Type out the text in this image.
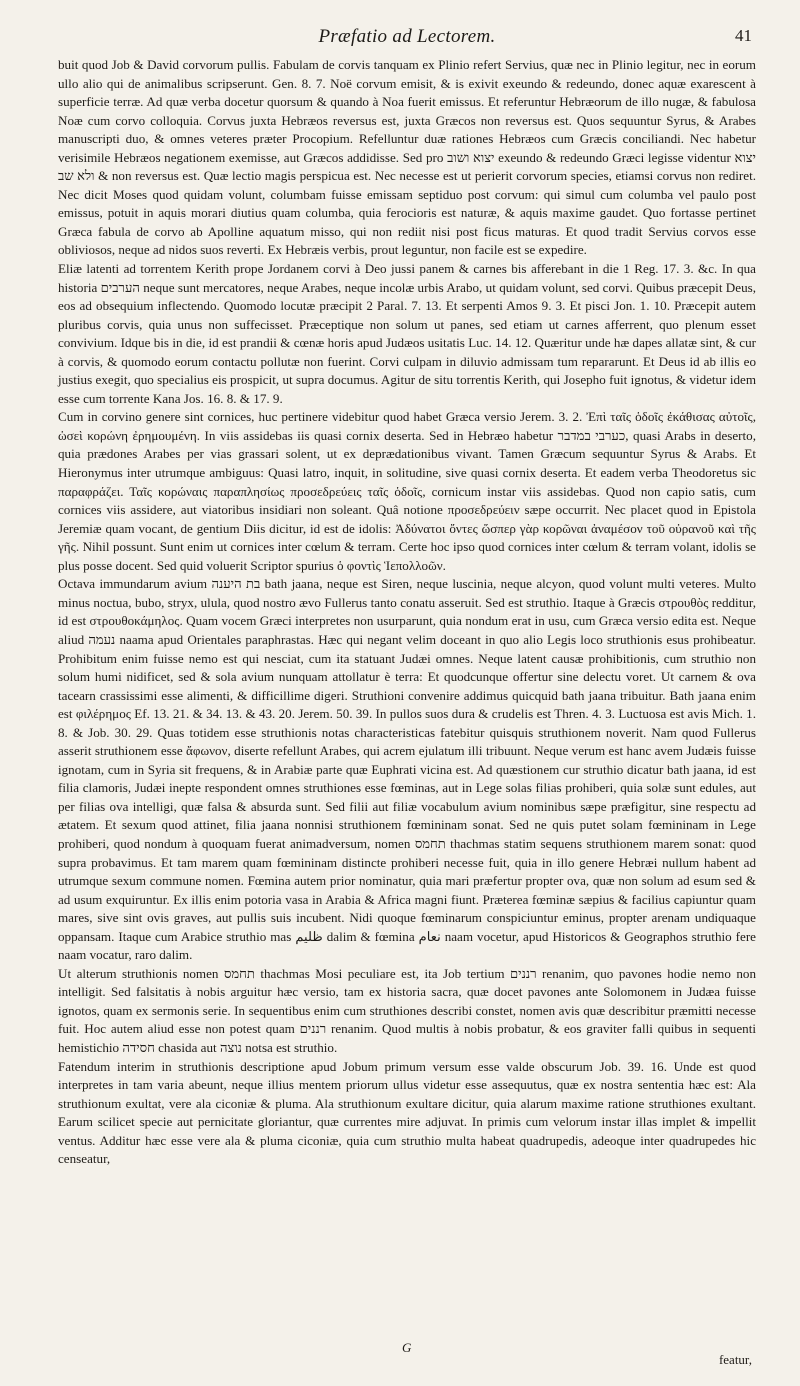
Præfatio ad Lectorem.	41

buit quod Job & David corvorum pullis. Fabulam de corvis tanquam ex Plinio refert Servius, quæ nec in Plinio legitur, nec in eorum ullo alio qui de animalibus scripserunt. Gen. 8. 7. Noë corvum emisit, & is exivit exeundo & redeundo, donec aquæ exarescent à superficie terræ. Ad quæ verba docetur quorsum & quando à Noa fuerit emissus. Et referuntur Hebræorum de illo nugæ, & fabulosa Noæ cum corvo colloquia. Corvus juxta Hebræos reversus est, juxta Græcos non reversus est. Quos sequuntur Syrus, & Arabes manuscripti duo, & omnes veteres præter Procopium. Refelluntur duæ rationes Hebræos cum Græcis conciliandi. Nec habetur verisimile Hebræos negationem exemisse, aut Græcos addidisse. Sed pro יצוא ושוב exeundo & redeundo Græci legisse videntur יצוא ולא שב & non reversus est. Quæ lectio magis perspicua est. Nec necesse est ut perierit corvorum species, etiamsi corvus non rediret. Nec dicit Moses quod quidam volunt, columbam fuisse emissam septiduo post corvum: qui simul cum columba vel paulo post emissus, potuit in aquis morari diutius quam columba, quia ferocioris est naturæ, & aquis maxime gaudet. Quo fortasse pertinet Græca fabula de corvo ab Apolline aquatum misso, qui non rediit nisi post ficus maturas. Et quod tradit Servius corvos esse obliviosos, neque ad nidos suos reverti. Ex Hebræis verbis, prout leguntur, non facile est se expedire.

Eliæ latenti ad torrentem Kerith prope Jordanem corvi à Deo jussi panem & carnes bis afferebant in die 1 Reg. 17. 3. &c. In qua historia הערבים neque sunt mercatores, neque Arabes, neque incolæ urbis Arabo, ut quidam volunt, sed corvi. Quibus præcepit Deus, eos ad obsequium inflectendo. Quomodo locutæ præcipit 2 Paral. 7. 13. Et serpenti Amos 9. 3. Et pisci Jon. 1. 10. Præcepit autem pluribus corvis, quia unus non suffecisset. Præceptique non solum ut panes, sed etiam ut carnes afferrent, quo plenum esset convivium. Idque bis in die, id est prandii & cœnæ horis apud Judæos usitatis Luc. 14. 12. Quæritur unde hæ dapes allatæ sint, & cur à corvis, & quomodo eorum contactu pollutæ non fuerint. Corvi culpam in diluvio admissam tum repararunt. Et Deus id ab illis eo justius exegit, quo specialius eis prospicit, ut supra documus. Agitur de situ torrentis Kerith, qui Josepho fuit ignotus, & videtur idem esse cum torrente Kana Jos. 16. 8. & 17. 9.

Cum in corvino genere sint cornices, huc pertinere videbitur quod habet Græca versio Jerem. 3. 2. Ἐπὶ ταῖς ὁδοῖς ἐκάθισας αὐτοῖς, ὡσεὶ κορώνη ἐρημουμένη. In viis assidebas iis quasi cornix deserta. Sed in Hebræo habetur כערבי במדבר, quasi Arabs in deserto, quia prædones Arabes per vias grassari solent, ut ex deprædationibus vivant. Tamen Græcum sequuntur Syrus & Arabs. Et Hieronymus inter utrumque ambiguus: Quasi latro, inquit, in solitudine, sive quasi cornix deserta. Et eadem verba Theodoretus sic παραφράζει. Ταῖς κορώναις παραπλησίως προσεδρεύεις ταῖς ὁδοῖς, cornicum instar viis assidebas. Quod non capio satis, cum cornices viis assidere, aut viatoribus insidiari non soleant. Quâ notione προσεδρεύειν sæpe occurrit. Nec placet quod in Epistola Jeremiæ quam vocant, de gentium Diis dicitur, id est de idolis: Ἀδύνατοι ὄντες ὥσπερ γὰρ κορῶναι ἀναμέσον τοῦ οὐρανοῦ καὶ τῆς γῆς. Nihil possunt. Sunt enim ut cornices inter cœlum & terram. Certe hoc ipso quod cornices inter cœlum & terram volant, idolis se plus posse docent. Sed quid voluerit Scriptor spurius ὁ φοντὶς Ἱεπολλοῶν.

Octava immundarum avium בת היענה bath jaana, neque est Siren, neque luscinia, neque alcyon, quod volunt multi veteres. Multo minus noctua, bubo, stryx, ulula, quod nostro ævo Fullerus tanto conatu asseruit. Sed est struthio. Itaque à Græcis στρουθὸς redditur, id est στρουθοκάμηλος. Quam vocem Græci interpretes non usurparunt, quia nondum erat in usu, cum Græca versio edita est. Neque aliud נעמה naama apud Orientales paraphrastas. Hæc qui negant velim doceant in quo alio Legis loco struthionis esus prohibeatur. Prohibitum enim fuisse nemo est qui nesciat, cum ita statuant Judæi omnes. Neque latent causæ prohibitionis, cum struthio non solum humi nidificet, sed & sola avium nunquam attollatur è terra: Et quodcunque offertur sine delectu voret. Ut carnem & ova tacearn crassissimi esse alimenti, & difficillime digeri. Struthioni convenire addimus quicquid bath jaana tribuitur. Bath jaana enim est φιλέρημος Ef. 13. 21. & 34. 13. & 43. 20. Jerem. 50. 39. In pullos suos dura & crudelis est Thren. 4. 3. Luctuosa est avis Mich. 1. 8. & Job. 30. 29. Quas totidem esse struthionis notas characteristicas fatebitur quisquis struthionem noverit. Nam quod Fullerus asserit struthionem esse ἄφωνον, diserte refellunt Arabes, qui acrem ejulatum illi tribuunt. Neque verum est hanc avem Judæis fuisse ignotam, cum in Syria sit frequens, & in Arabiæ parte quæ Euphrati vicina est. Ad quæstionem cur struthio dicatur bath jaana, id est filia clamoris, Judæi inepte respondent omnes struthiones esse fœminas, aut in Lege solas filias prohiberi, quia solæ sunt edules, aut per filias ova intelligi, quæ falsa & absurda sunt. Sed filii aut filiæ vocabulum avium nominibus sæpe præfigitur, sine respectu ad ætatem. Et sexum quod attinet, filia jaana nonnisi struthionem fœmininam sonat. Sed ne quis putet solam fœmininam in Lege prohiberi, quod nondum à quoquam fuerat animadversum, nomen תחמס thachmas statim sequens struthionem marem sonat: quod supra probavimus. Et tam marem quam fœmininam distincte prohiberi necesse fuit, quia in illo genere Hebræi nullum habent ad utrumque sexum commune nomen. Fœmina autem prior nominatur, quia mari præfertur propter ova, quæ non solum ad esum sed & ad usum exquiruntur. Ex illis enim potoria vasa in Arabia & Africa magni fiunt. Præterea fœminæ sæpius & facilius capiuntur quam mares, sive sint ovis graves, aut pullis suis incubent. Nidi quoque fœminarum conspiciuntur eminus, propter arenam undiquaque oppansam. Itaque cum Arabice struthio mas ظليم dalim & fœmina نعام naam vocetur, apud Historicos & Geographos struthio fere naam vocatur, raro dalim.

Ut alterum struthionis nomen תחמס thachmas Mosi peculiare est, ita Job tertium רננים renanim, quo pavones hodie nemo non intelligit. Sed falsitatis à nobis arguitur hæc versio, tam ex historia sacra, quæ docet pavones ante Solomonem in Judæa fuisse ignotos, quam ex sermonis serie. In sequentibus enim cum struthiones describi constet, nomen avis quæ describitur præmitti necesse fuit. Hoc autem aliud esse non potest quam רננים renanim. Quod multis à nobis probatur, & eos graviter falli quibus in sequenti hemistichio חסידה chasida aut נוצה notsa est struthio.

Fatendum interim in struthionis descriptione apud Jobum primum versum esse valde obscurum Job. 39. 16. Unde est quod interpretes in tam varia abeunt, neque illius mentem priorum ullus videtur esse assequutus, quæ ex nostra sententia hæc est: Ala struthionum exultat, vere ala ciconiæ & pluma. Ala struthionum exultare dicitur, quia alarum maxime ratione struthiones exultant. Earum scilicet specie aut pernicitate gloriantur, quæ currentes mire adjuvat. In primis cum velorum instar illas implet & impellit ventus. Additur hæc esse vere ala & pluma ciconiæ, quia cum struthio multa habeat quadrupedis, adeoque inter quadrupedes hic censeatur,

G
featur,
